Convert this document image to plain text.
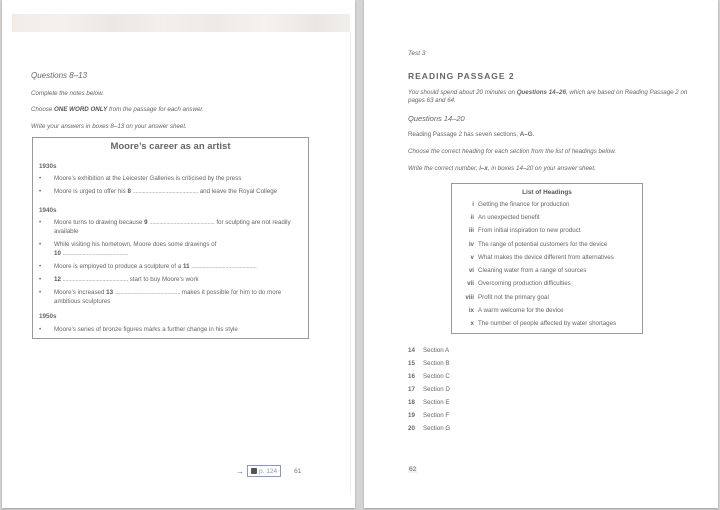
Questions 8–13
Complete the notes below.
Choose ONE WORD ONLY from the passage for each answer.
Write your answers in boxes 8–13 on your answer sheet.
Moore’s career as an artist
1930s
• Moore’s exhibition at the Leicester Galleries is criticised by the press
• Moore is urged to offer his 8 .............................................. and leave the Royal College
1940s
• Moore turns to drawing because 9 .............................................. for sculpting are not readily available
• While visiting his hometown, Moore does some drawings of
10 ..............................................
• Moore is employed to produce a sculpture of a 11 ..............................................
• 12 .............................................. start to buy Moore’s work
• Moore’s increased 13 .............................................. makes it possible for him to do more ambitious sculptures
1950s
• Moore’s series of bronze figures marks a further change in his style
→ p. 124	61
Test 3
READING PASSAGE 2
You should spend about 20 minutes on Questions 14–26, which are based on Reading Passage 2 on pages 63 and 64.
Questions 14–20
Reading Passage 2 has seven sections, A–G.
Choose the correct heading for each section from the list of headings below.
Write the correct number, i–x, in boxes 14–20 on your answer sheet.
List of Headings
i Getting the finance for production
ii An unexpected benefit
iii From initial inspiration to new product
iv The range of potential customers for the device
v What makes the device different from alternatives
vi Cleaning water from a range of sources
vii Overcoming production difficulties
viii Profit not the primary goal
ix A warm welcome for the device
x The number of people affected by water shortages
14 Section A
15 Section B
16 Section C
17 Section D
18 Section E
19 Section F
20 Section G
62
